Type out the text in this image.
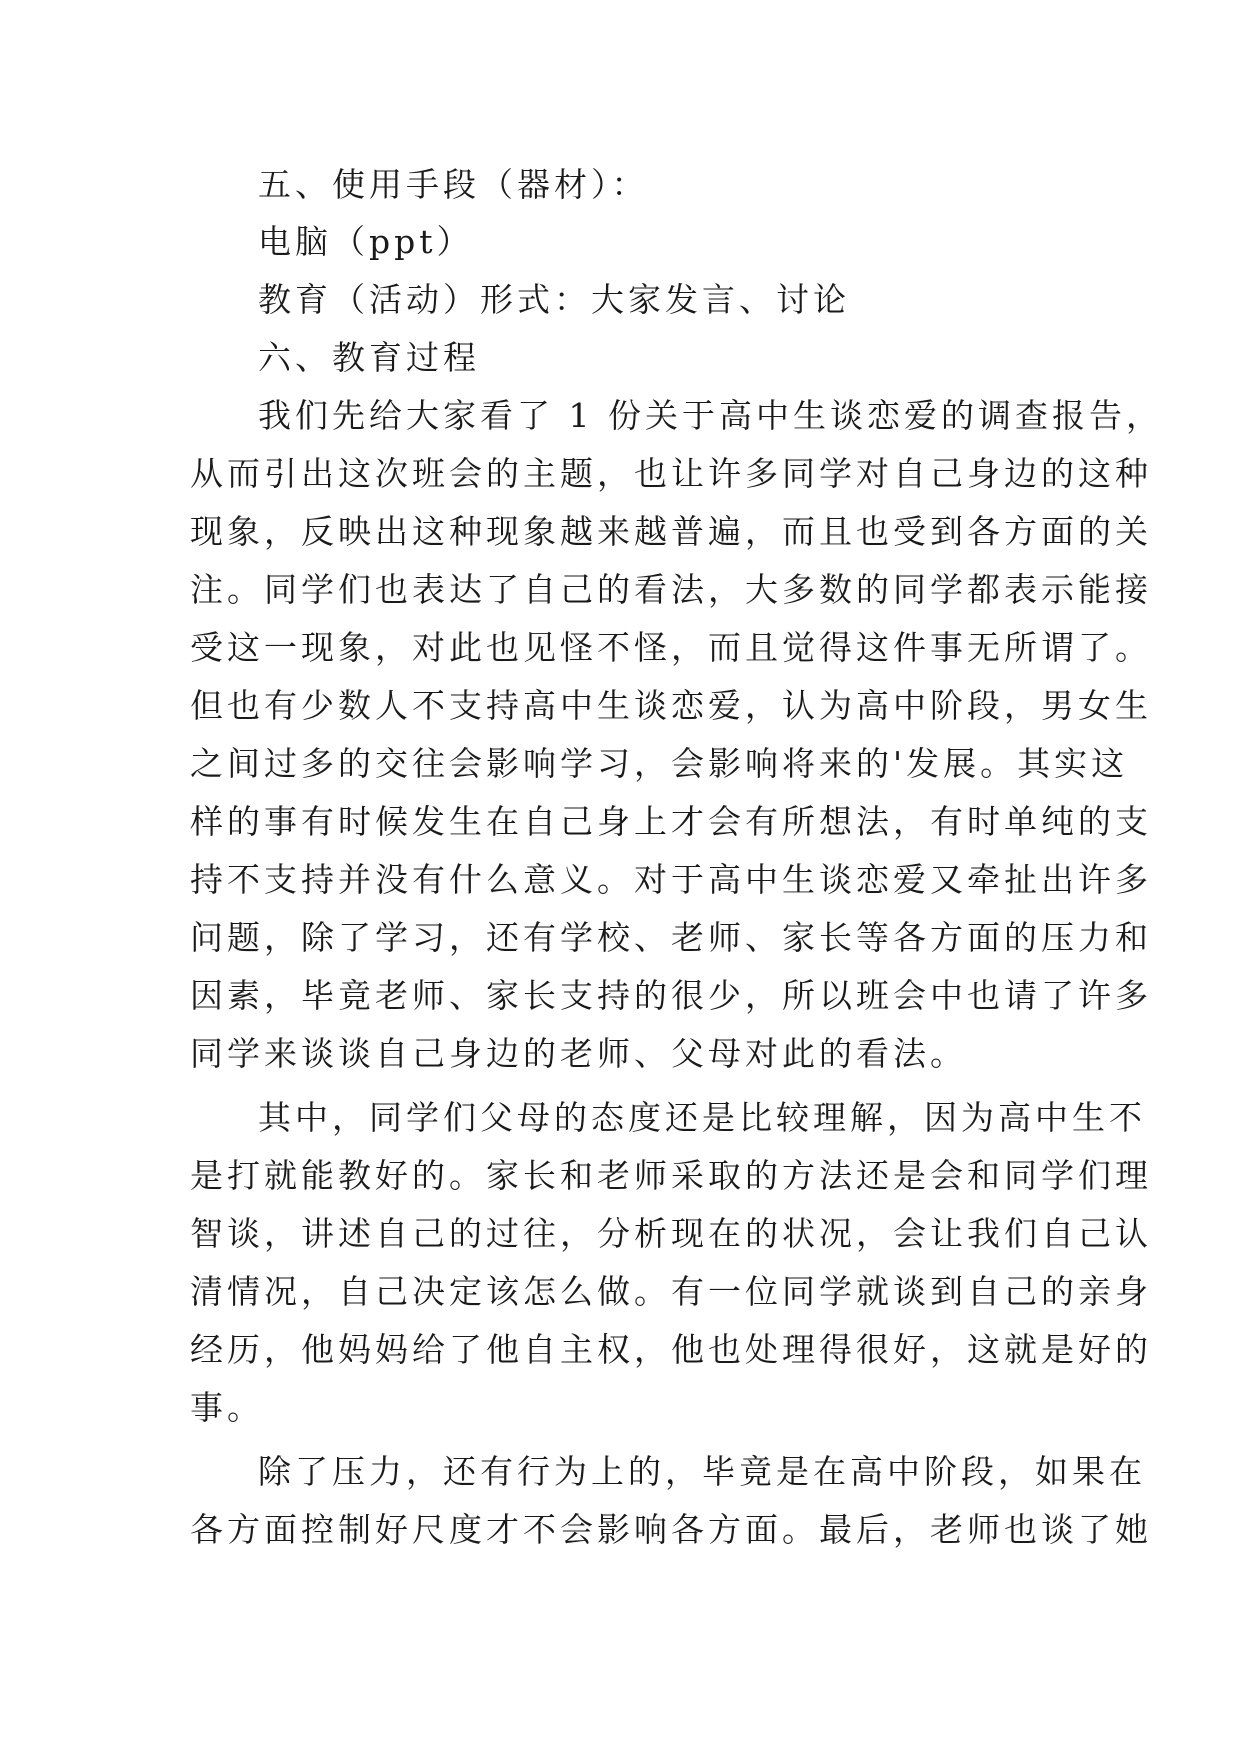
五、使用手段（器材）：
电脑（ppt）
教育（活动）形式：大家发言、讨论
六、教育过程
我们先给大家看了 1 份关于高中生谈恋爱的调查报告，
从而引出这次班会的主题，也让许多同学对自己身边的这种
现象，反映出这种现象越来越普遍，而且也受到各方面的关
注。同学们也表达了自己的看法，大多数的同学都表示能接
受这一现象，对此也见怪不怪，而且觉得这件事无所谓了。
但也有少数人不支持高中生谈恋爱，认为高中阶段，男女生
之间过多的交往会影响学习，会影响将来的'发展。其实这
样的事有时候发生在自己身上才会有所想法，有时单纯的支
持不支持并没有什么意义。对于高中生谈恋爱又牵扯出许多
问题，除了学习，还有学校、老师、家长等各方面的压力和
因素，毕竟老师、家长支持的很少，所以班会中也请了许多
同学来谈谈自己身边的老师、父母对此的看法。
其中，同学们父母的态度还是比较理解，因为高中生不
是打就能教好的。家长和老师采取的方法还是会和同学们理
智谈，讲述自己的过往，分析现在的状况，会让我们自己认
清情况，自己决定该怎么做。有一位同学就谈到自己的亲身
经历，他妈妈给了他自主权，他也处理得很好，这就是好的
事。
除了压力，还有行为上的，毕竟是在高中阶段，如果在
各方面控制好尺度才不会影响各方面。最后，老师也谈了她
